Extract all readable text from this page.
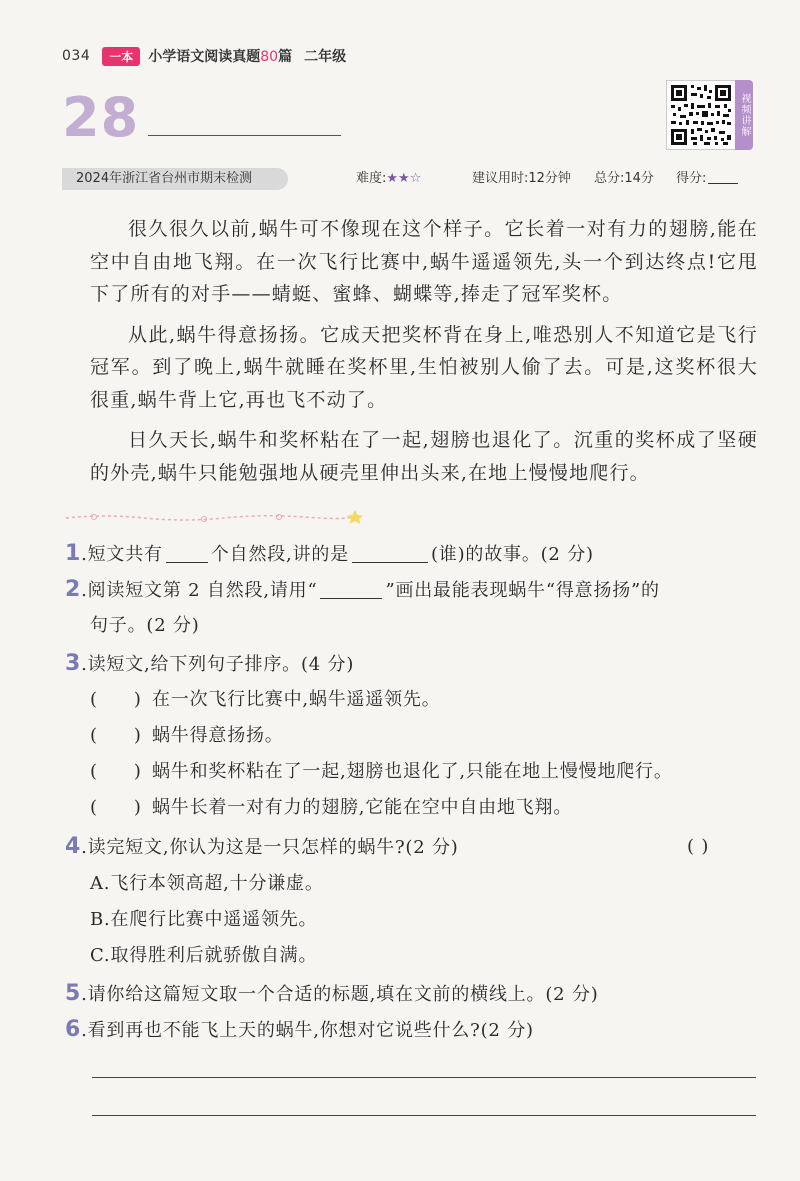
034	一本	小学语文阅读真题80篇 二年级
28	视频讲解
2024年浙江省台州市期末检测	难度:★★☆	建议用时:12分钟 总分:14分 得分:

很久很久以前,蜗牛可不像现在这个样子。它长着一对有力的翅膀,能在空中自由地飞翔。在一次飞行比赛中,蜗牛遥遥领先,头一个到达终点!它甩下了所有的对手——蜻蜓、蜜蜂、蝴蝶等,捧走了冠军奖杯。

从此,蜗牛得意扬扬。它成天把奖杯背在身上,唯恐别人不知道它是飞行冠军。到了晚上,蜗牛就睡在奖杯里,生怕被别人偷了去。可是,这奖杯很大很重,蜗牛背上它,再也飞不动了。

日久天长,蜗牛和奖杯粘在了一起,翅膀也退化了。沉重的奖杯成了坚硬的外壳,蜗牛只能勉强地从硬壳里伸出头来,在地上慢慢地爬行。

1.短文共有	个自然段,讲的是	(谁)的故事。(2 分)
2.阅读短文第 2 自然段,请用“	”画出最能表现蜗牛“得意扬扬”的
句子。(2 分)
3.读短文,给下列句子排序。(4 分)
( ) 在一次飞行比赛中,蜗牛遥遥领先。
( ) 蜗牛得意扬扬。
( ) 蜗牛和奖杯粘在了一起,翅膀也退化了,只能在地上慢慢地爬行。
( ) 蜗牛长着一对有力的翅膀,它能在空中自由地飞翔。
4.读完短文,你认为这是一只怎样的蜗牛?(2 分)	( )
A.飞行本领高超,十分谦虚。
B.在爬行比赛中遥遥领先。
C.取得胜利后就骄傲自满。
5.请你给这篇短文取一个合适的标题,填在文前的横线上。(2 分)
6.看到再也不能飞上天的蜗牛,你想对它说些什么?(2 分)
